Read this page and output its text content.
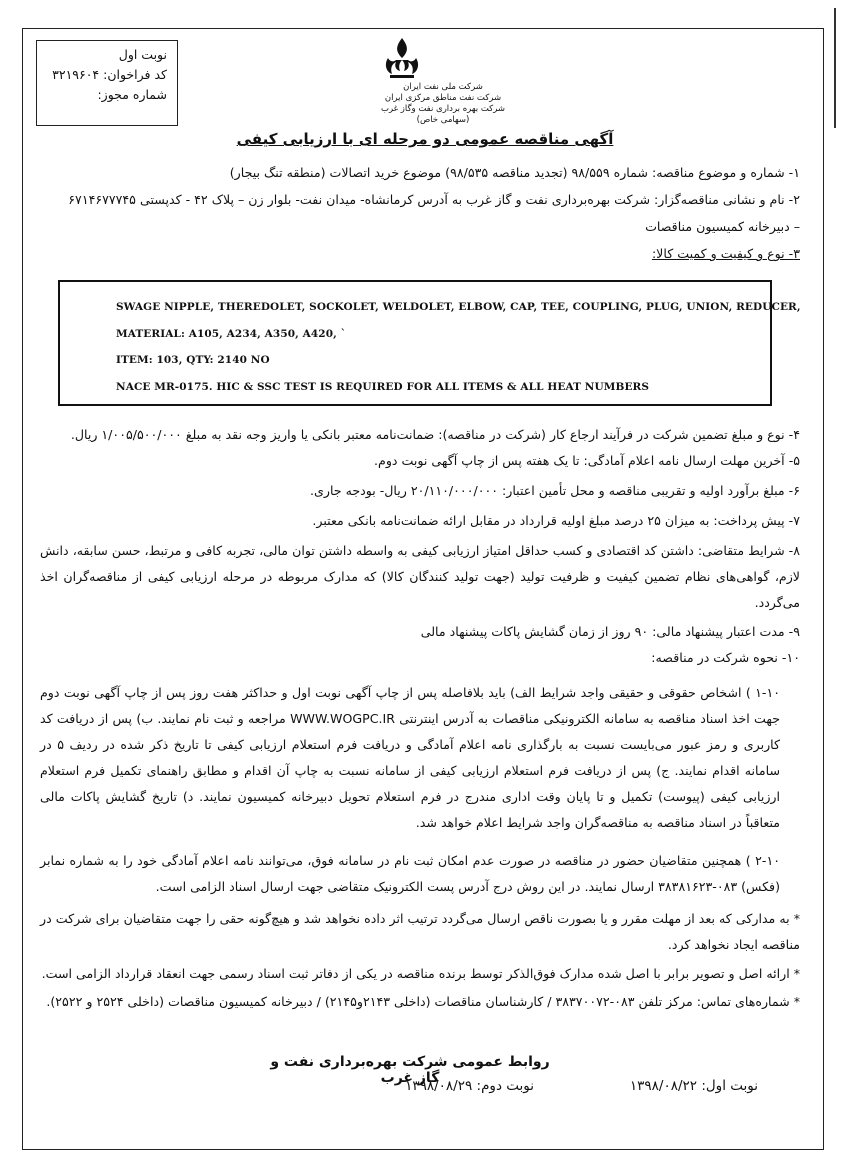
نوبت اول
کد فراخوان: ۳۲۱۹۶۰۴
شماره مجوز:	شرکت ملی نفت ایران
شرکت نفت مناطق مرکزی ایران
شرکت بهره برداری نفت وگاز غرب (سهامی خاص)
آگهی مناقصه عمومی دو مرحله ای با ارزیابی کیفی
۱- شماره و موضوع مناقصه: شماره ۹۸/۵۵۹ (تجدید مناقصه ۹۸/۵۳۵) موضوع خرید اتصالات (منطقه تنگ بیجار)
۲- نام و نشانی مناقصه‌گزار: شرکت بهره‌برداری نفت و گاز غرب به آدرس کرمانشاه- میدان نفت- بلوار زن – پلاک ۴۲ - کدپستی ۶۷۱۴۶۷۷۷۴۵
– دبیرخانه کمیسیون مناقصات
۳- نوع و کیفیت و کمیت کالا:
SWAGE NIPPLE, THEREDOLET, SOCKOLET, WELDOLET, ELBOW, CAP, TEE, COUPLING, PLUG, UNION, REDUCER,
MATERIAL: A105, A234, A350, A420, `
ITEM: 103, QTY: 2140 NO
NACE MR-0175. HIC & SSC TEST IS REQUIRED FOR ALL ITEMS & ALL HEAT NUMBERS
۴- نوع و مبلغ تضمین شرکت در فرآیند ارجاع کار (شرکت در مناقصه): ضمانت‌نامه معتبر بانکی یا واریز وجه نقد به مبلغ ۱/۰۰۵/۵۰۰/۰۰۰ ریال.
۵- آخرین مهلت ارسال نامه اعلام آمادگی: تا یک هفته پس از چاپ آگهی نوبت دوم.
۶- مبلغ برآورد اولیه و تقریبی مناقصه و محل تأمین اعتبار: ۲۰/۱۱۰/۰۰۰/۰۰۰ ریال- بودجه جاری.
۷- پیش پرداخت: به میزان ۲۵ درصد مبلغ اولیه قرارداد در مقابل ارائه ضمانت‌نامه بانکی معتبر.
۸- شرایط متقاضی: داشتن کد اقتصادی و کسب حداقل امتیاز ارزیابی کیفی به واسطه داشتن توان مالی، تجربه کافی و مرتبط، حسن سابقه، دانش لازم، گواهی‌های نظام تضمین کیفیت و ظرفیت تولید (جهت تولید کنندگان کالا) که مدارک مربوطه در مرحله ارزیابی کیفی از مناقصه‌گران اخذ می‌گردد.
۹- مدت اعتبار پیشنهاد مالی: ۹۰ روز از زمان گشایش پاکات پیشنهاد مالی
۱۰- نحوه شرکت در مناقصه:
۱-۱۰ ) اشخاص حقوقی و حقیقی واجد شرایط الف) باید بلافاصله پس از چاپ آگهی نوبت اول و حداکثر هفت روز پس از چاپ آگهی نوبت دوم جهت اخذ اسناد مناقصه به سامانه الکترونیکی مناقصات به آدرس اینترنتی WWW.WOGPC.IR مراجعه و ثبت نام نمایند. ب) پس از دریافت کد کاربری و رمز عبور می‌بایست نسبت به بارگذاری نامه اعلام آمادگی و دریافت فرم استعلام ارزیابی کیفی تا تاریخ ذکر شده در ردیف ۵ در سامانه اقدام نمایند. ج) پس از دریافت فرم استعلام ارزیابی کیفی از سامانه نسبت به چاپ آن اقدام و مطابق راهنمای تکمیل فرم استعلام ارزیابی کیفی (پیوست) تکمیل و تا پایان وقت اداری مندرج در فرم استعلام تحویل دبیرخانه کمیسیون نمایند. د) تاریخ گشایش پاکات مالی متعاقباً در اسناد مناقصه به مناقصه‌گران واجد شرایط اعلام خواهد شد.
۲-۱۰ ) همچنین متقاضیان حضور در مناقصه در صورت عدم امکان ثبت نام در سامانه فوق، می‌توانند نامه اعلام آمادگی خود را به شماره نمابر (فکس) ۰۸۳-۳۸۳۸۱۶۲۳ ارسال نمایند. در این روش درج آدرس پست الکترونیک متقاضی جهت ارسال اسناد الزامی است.
* به مدارکی که بعد از مهلت مقرر و یا بصورت ناقص ارسال می‌گردد ترتیب اثر داده نخواهد شد و هیچ‌گونه حقی را جهت متقاضیان برای شرکت در مناقصه ایجاد نخواهد کرد.
* ارائه اصل و تصویر برابر با اصل شده مدارک فوق‌الذکر توسط برنده مناقصه در یکی از دفاتر ثبت اسناد رسمی جهت انعقاد قرارداد الزامی است.
* شماره‌های تماس: مرکز تلفن ۰۸۳-۳۸۳۷۰۰۷۲ / کارشناسان مناقصات (داخلی ۲۱۴۳و۲۱۴۵) / دبیرخانه کمیسیون مناقصات (داخلی ۲۵۲۴ و ۲۵۲۲).
روابط عمومی شرکت بهره‌برداری نفت و گاز غرب	نوبت اول: ۱۳۹۸/۰۸/۲۲
نوبت دوم: ۱۳۹۸/۰۸/۲۹
